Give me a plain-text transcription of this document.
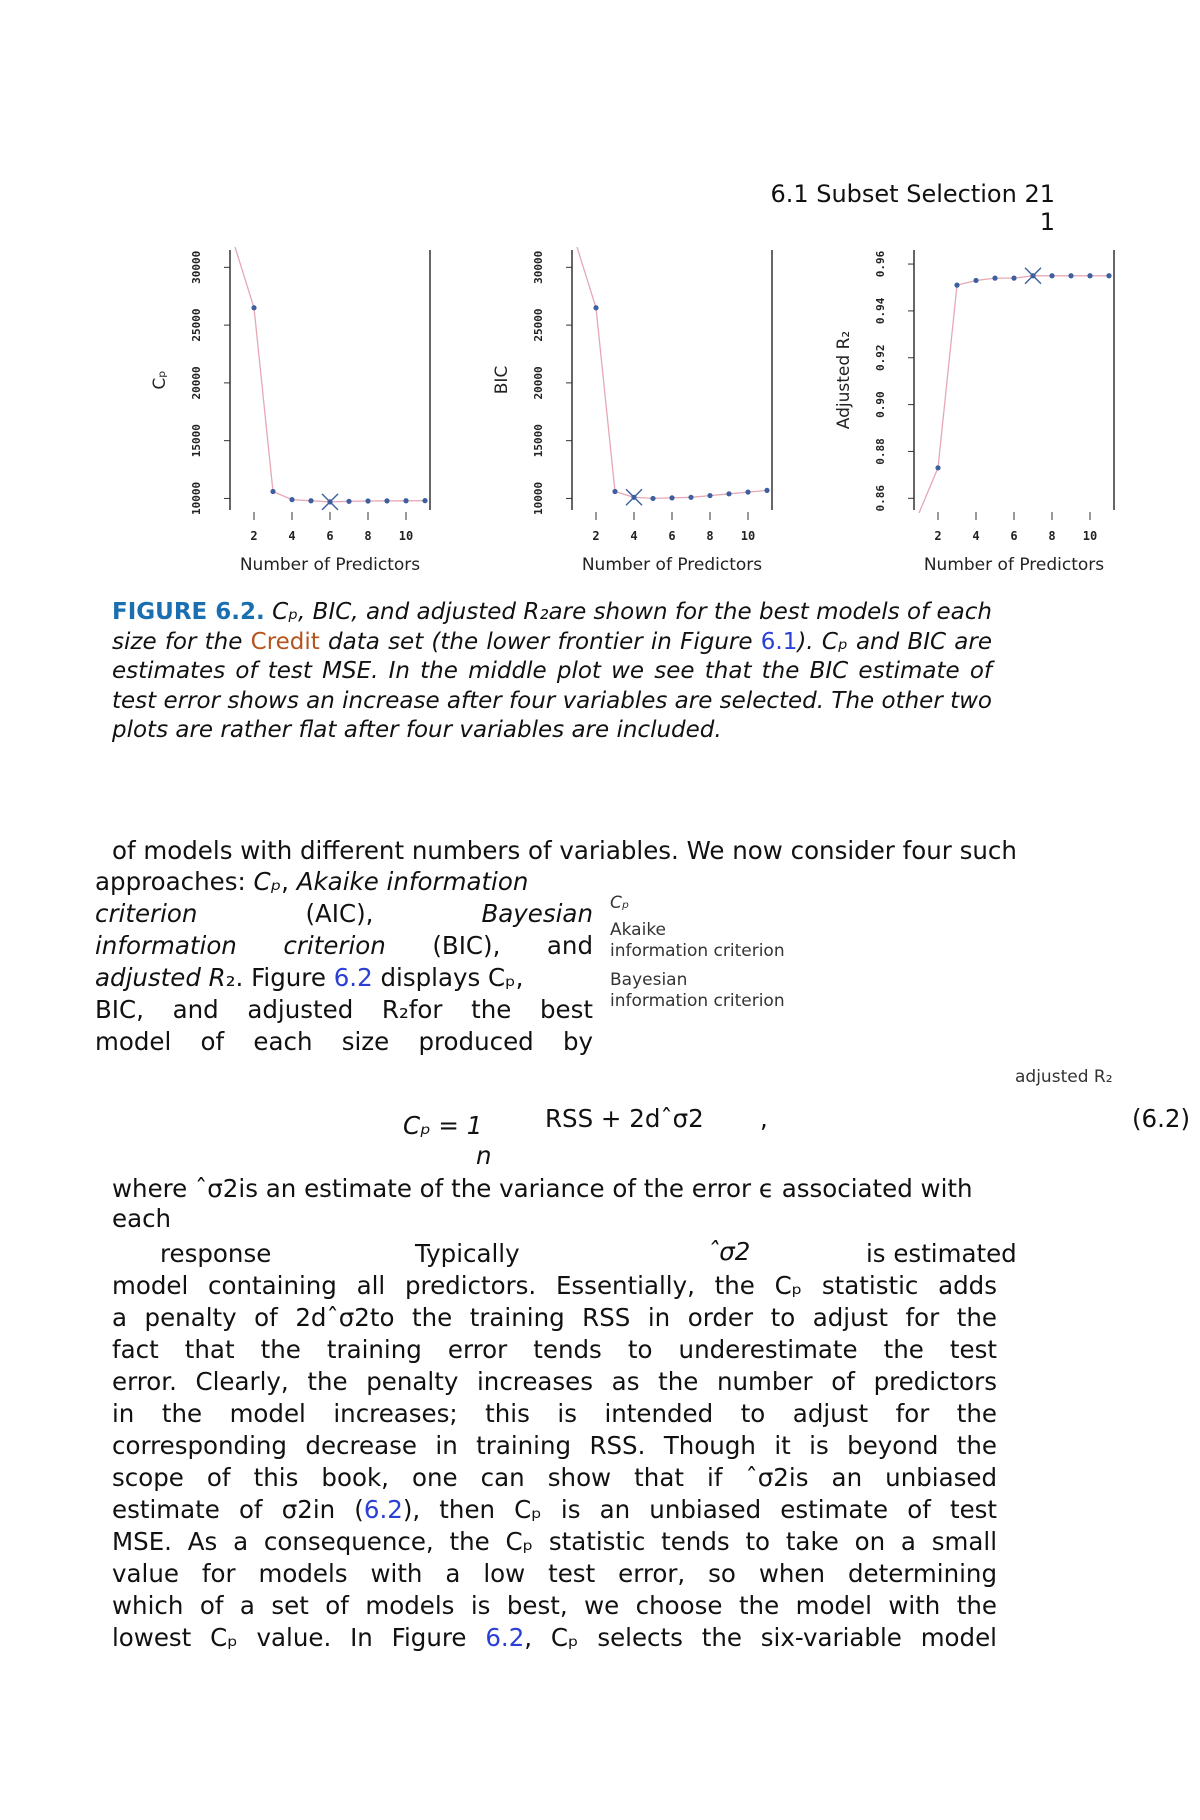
6.1 Subset Selection 21
1
10000
15000
20000
25000
30000
2	4	6	8 10
Number of Predictors
Cₚ
10000
15000
20000
25000
30000
2	4	6	8 10
Number of Predictors
BIC
0.86
0.88
0.90
0.92
0.94
0.96
2	4	6	8 10
Number of Predictors
Adjusted R₂
FIGURE 6.2. Cₚ, BIC, and adjusted R₂are shown for the best models of each size for the Credit data set (the lower frontier in Figure 6.1). Cₚ and BIC are estimates of test MSE. In the middle plot we see that the BIC estimate of test error shows an increase after four variables are selected. The other two plots are rather flat after four variables are included.
of models with different numbers of variables. We now consider four such
approaches: Cₚ, Akaike information
criterion	(AIC),	Bayesian
information criterion (BIC), and
adjusted R₂. Figure 6.2 displays Cₚ,
BIC, and adjusted R₂for the best
model of each size produced by
Cₚ
Akaike
information criterion
Bayesian
information criterion
adjusted R₂
Cₚ = 1
n
RSS + 2dˆσ2 ,	(6.2)
where ˆσ2is an estimate of the variance of the error ϵ associated with
each
response	Typically	ˆσ2	is estimated
model containing all predictors. Essentially, the Cₚ statistic adds
a penalty of 2dˆσ2to the training RSS in order to adjust for the
fact that the training error tends to underestimate the test
error. Clearly, the penalty increases as the number of predictors
in the model increases; this is intended to adjust for the
corresponding decrease in training RSS. Though it is beyond the
scope of this book, one can show that if ˆσ2is an unbiased
estimate of σ2in (6.2), then Cₚ is an unbiased estimate of test
MSE. As a consequence, the Cₚ statistic tends to take on a small
value for models with a low test error, so when determining
which of a set of models is best, we choose the model with the
lowest Cₚ value. In Figure 6.2, Cₚ selects the six-variable model
